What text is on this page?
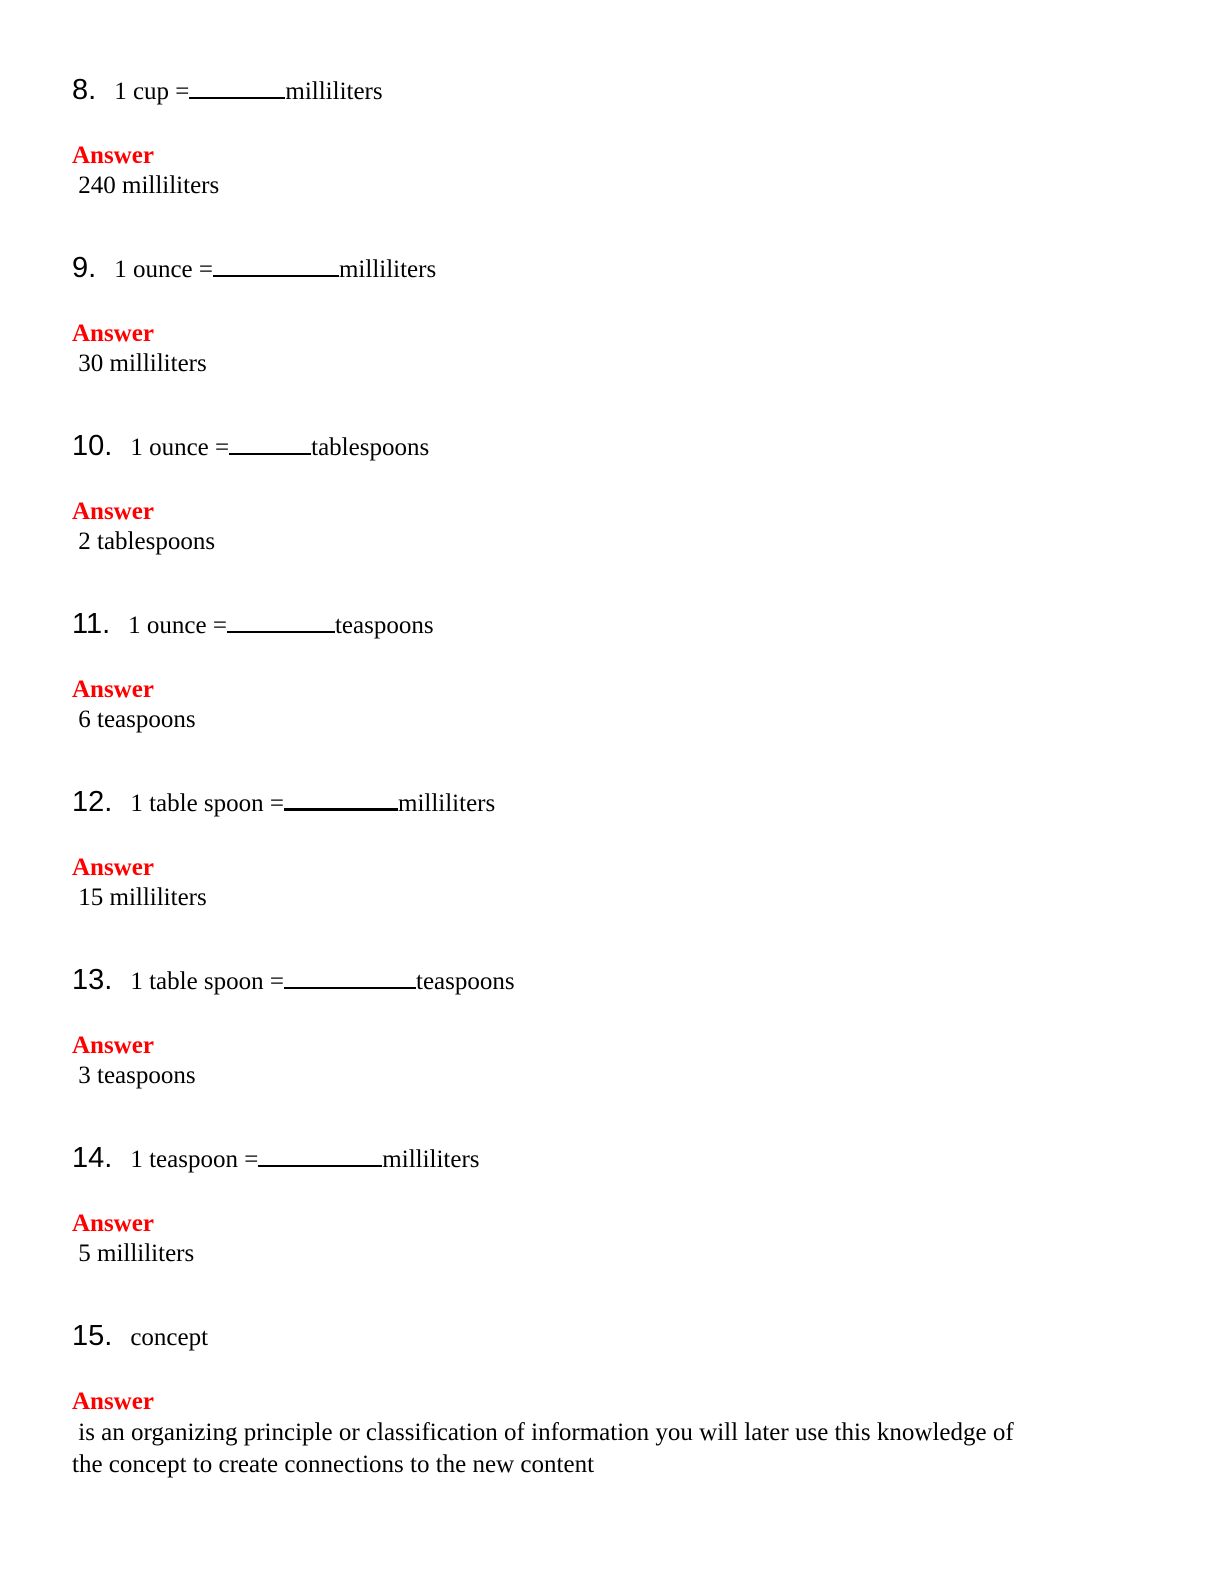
8. 1 cup =	milliliters
Answer
240 milliliters
9. 1 ounce =	milliliters
Answer
30 milliliters
10. 1 ounce =	tablespoons
Answer
2 tablespoons
11. 1 ounce =	teaspoons
Answer
6 teaspoons
12. 1 table spoon =	milliliters
Answer
15 milliliters
13. 1 table spoon =	teaspoons
Answer
3 teaspoons
14. 1 teaspoon =	milliliters
Answer
5 milliliters
15. concept
Answer
is an organizing principle or classification of information you will later use this knowledge of
the concept to create connections to the new content
